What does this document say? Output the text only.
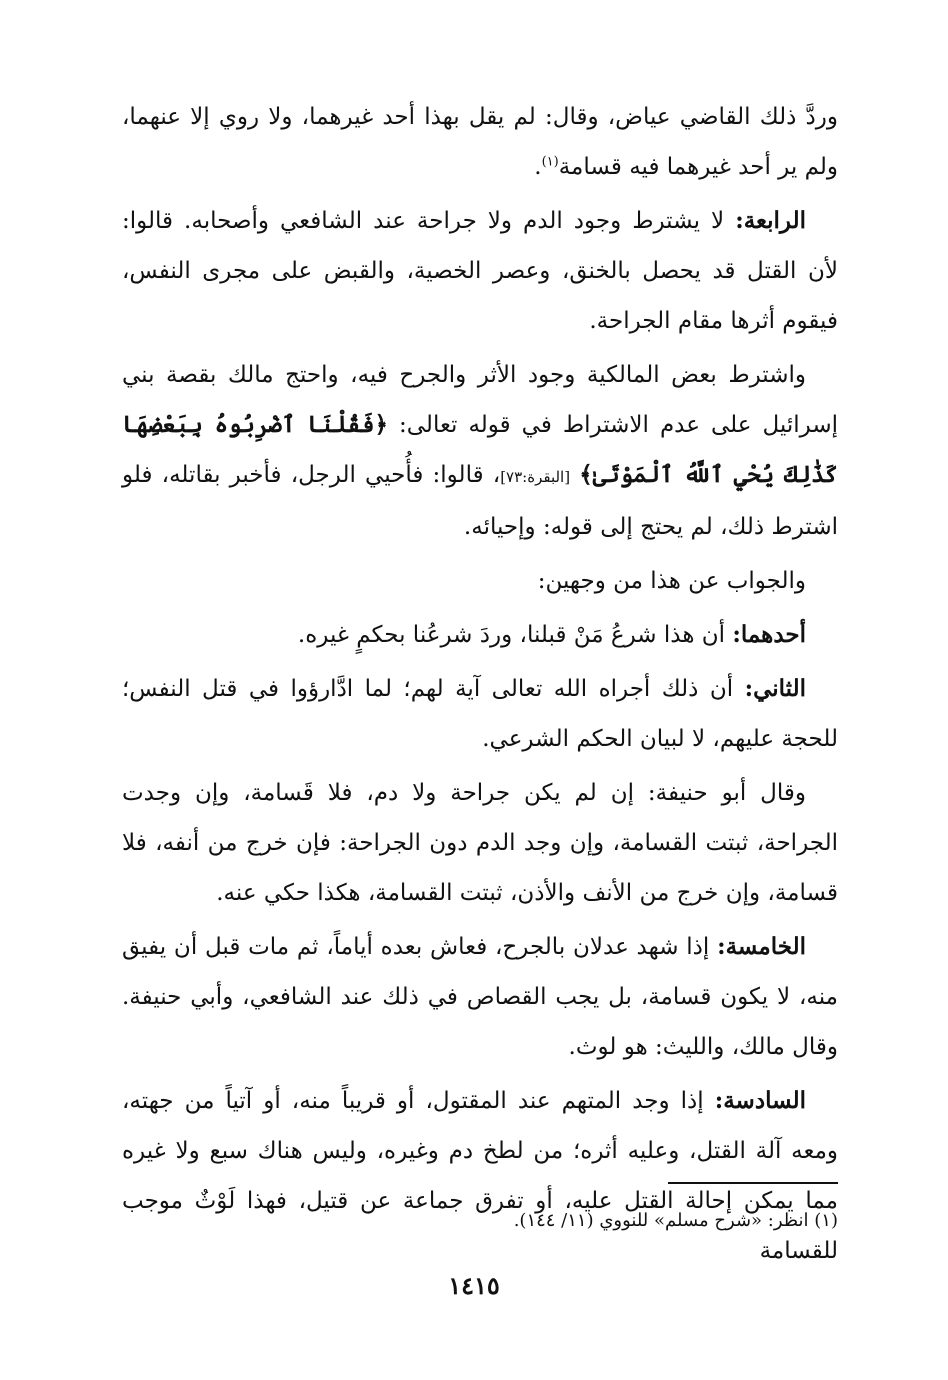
وردَّ ذلك القاضي عياض، وقال: لم يقل بهذا أحد غيرهما، ولا روي إلا عنهما، ولم ير أحد غيرهما فيه قسامة$^{(١)}$.

الرابعة: لا يشترط وجود الدم ولا جراحة عند الشافعي وأصحابه. قالوا: لأن القتل قد يحصل بالخنق، وعصر الخصية، والقبض على مجرى النفس، فيقوم أثرها مقام الجراحة.

واشترط بعض المالكية وجود الأثر والجرح فيه، واحتج مالك بقصة بني إسرائيل على عدم الاشتراط في قوله تعالى: ﴿فَقُلْنَا ٱضْرِبُوهُ بِبَعْضِهَا كَذَٰلِكَ يُحْيِ ٱللَّهُ ٱلْمَوْتَىٰ﴾ [البقرة:٧٣]، قالوا: فأُحيي الرجل، فأخبر بقاتله، فلو اشترط ذلك، لم يحتج إلى قوله: وإحيائه.

والجواب عن هذا من وجهين:

أحدهما: أن هذا شرعُ مَنْ قبلنا، وردَ شرعُنا بحكمٍ غيره.

الثاني: أن ذلك أجراه الله تعالى آية لهم؛ لما ادَّارؤوا في قتل النفس؛ للحجة عليهم، لا لبيان الحكم الشرعي.

وقال أبو حنيفة: إن لم يكن جراحة ولا دم، فلا قَسامة، وإن وجدت الجراحة، ثبتت القسامة، وإن وجد الدم دون الجراحة: فإن خرج من أنفه، فلا قسامة، وإن خرج من الأنف والأذن، ثبتت القسامة، هكذا حكي عنه.

الخامسة: إذا شهد عدلان بالجرح، فعاش بعده أياماً، ثم مات قبل أن يفيق منه، لا يكون قسامة، بل يجب القصاص في ذلك عند الشافعي، وأبي حنيفة. وقال مالك، والليث: هو لوث.

السادسة: إذا وجد المتهم عند المقتول، أو قريباً منه، أو آتياً من جهته، ومعه آلة القتل، وعليه أثره؛ من لطخ دم وغيره، وليس هناك سبع ولا غيره مما يمكن إحالة القتل عليه، أو تفرق جماعة عن قتيل، فهذا لَوْثٌ موجب للقسامة

(١) انظر: «شرح مسلم» للنووي (١١/ ١٤٤).
١٤١٥
